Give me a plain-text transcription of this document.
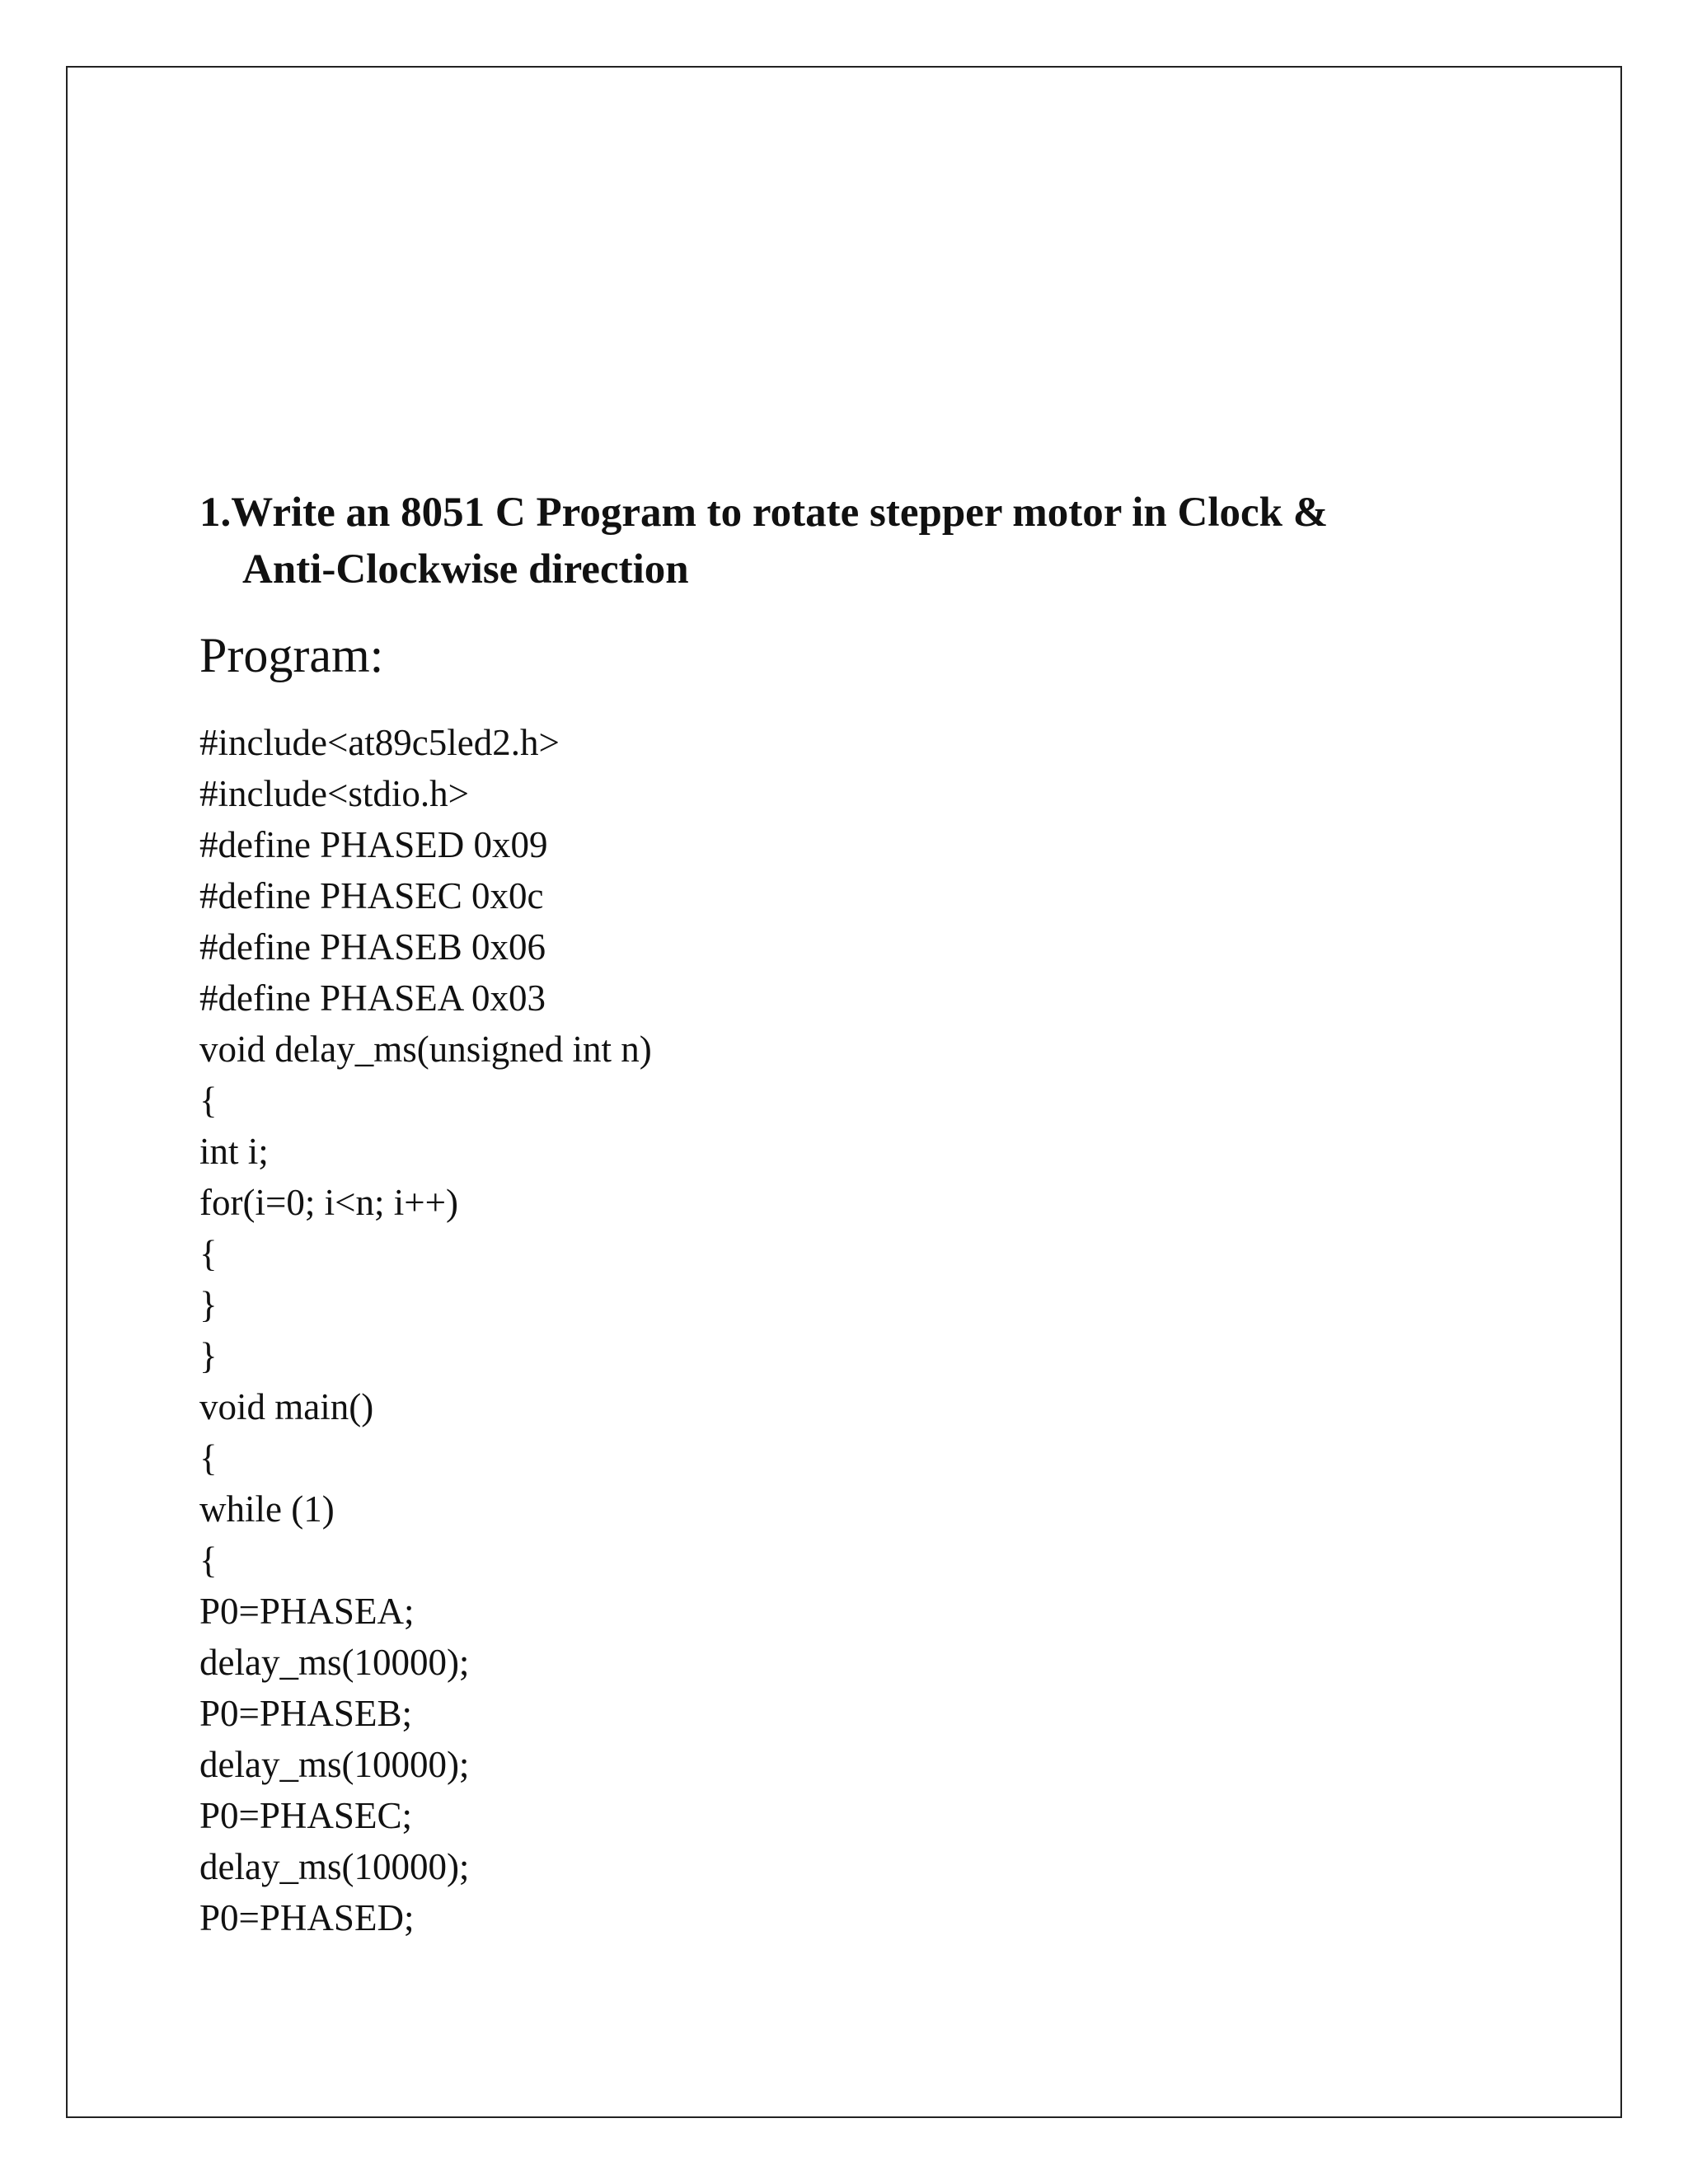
1.Write an 8051 C Program to rotate stepper motor in Clock &
Anti-Clockwise direction
Program:
#include<at89c5led2.h>
#include<stdio.h>
#define PHASED 0x09
#define PHASEC 0x0c
#define PHASEB 0x06
#define PHASEA 0x03
void delay_ms(unsigned int n)
{
int i;
for(i=0; i<n; i++)
{
}
}
void main()
{
while (1)
{
P0=PHASEA;
delay_ms(10000);
P0=PHASEB;
delay_ms(10000);
P0=PHASEC;
delay_ms(10000);
P0=PHASED;
